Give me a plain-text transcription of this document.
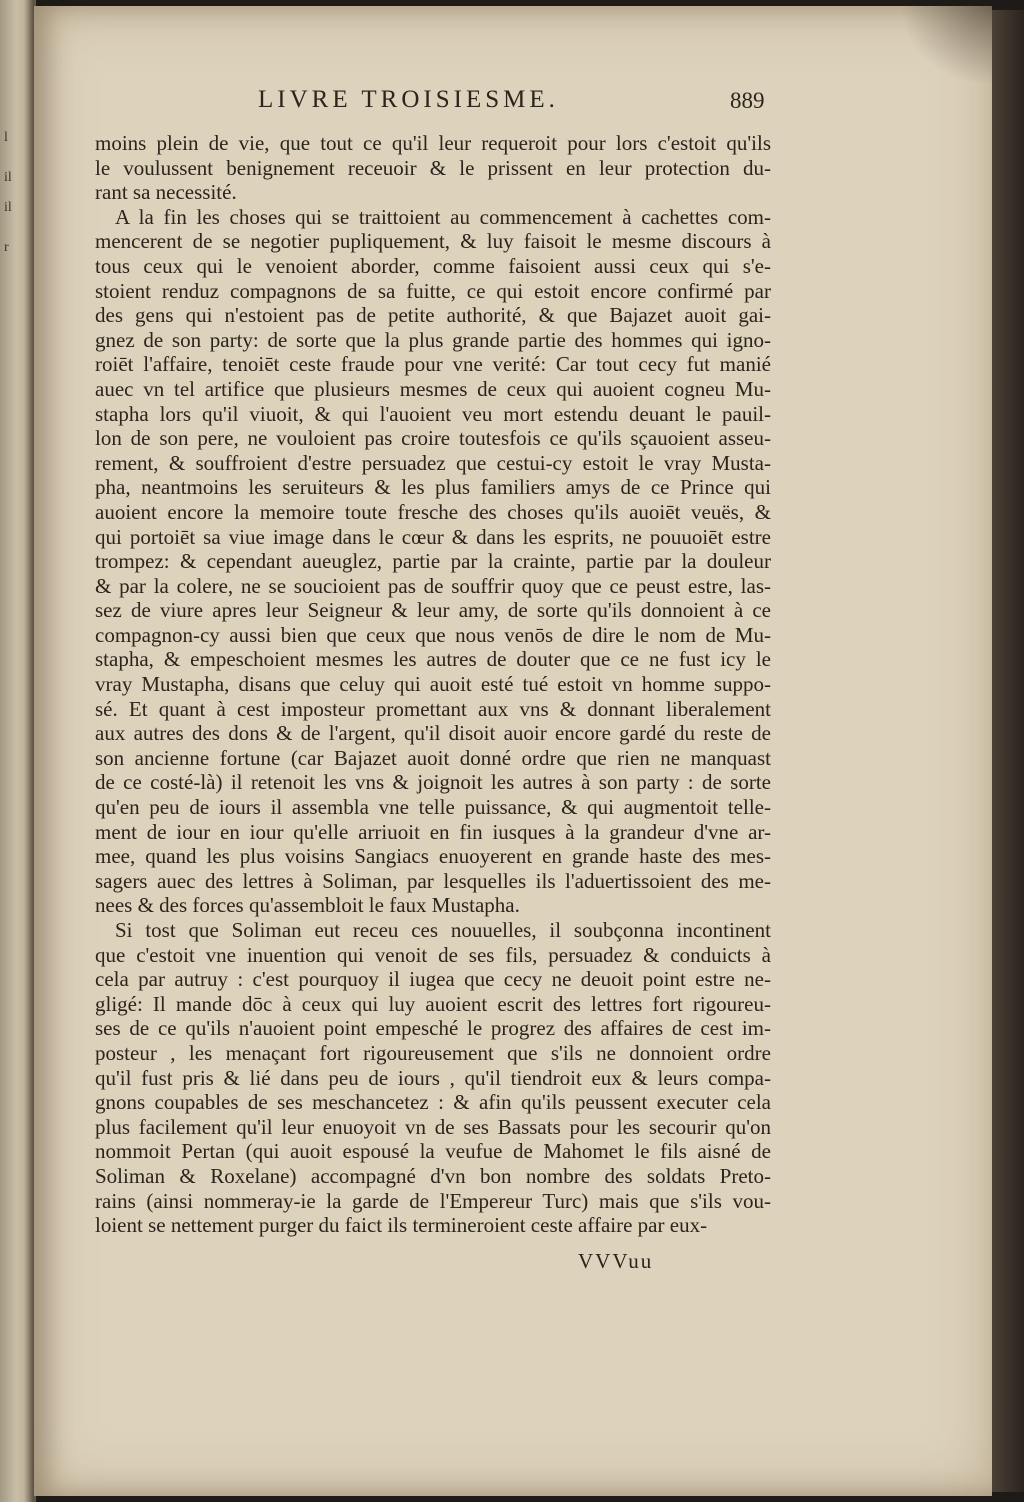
l
il
il
r
LIVRE TROISIESME.	889

moins plein de vie, que tout ce qu'il leur requeroit pour lors c'estoit qu'ils
le voulussent benignement receuoir & le prissent en leur protection du-
rant sa necessité.

A la fin les choses qui se traittoient au commencement à cachettes com-
mencerent de se negotier pupliquement, & luy faisoit le mesme discours à
tous ceux qui le venoient aborder, comme faisoient aussi ceux qui s'e-
stoient renduz compagnons de sa fuitte, ce qui estoit encore confirmé par
des gens qui n'estoient pas de petite authorité, & que Bajazet auoit gai-
gnez de son party: de sorte que la plus grande partie des hommes qui igno-
roiēt l'affaire, tenoiēt ceste fraude pour vne verité: Car tout cecy fut manié
auec vn tel artifice que plusieurs mesmes de ceux qui auoient cogneu Mu-
stapha lors qu'il viuoit, & qui l'auoient veu mort estendu deuant le pauil-
lon de son pere, ne vouloient pas croire toutesfois ce qu'ils sçauoient asseu-
rement, & souffroient d'estre persuadez que cestui-cy estoit le vray Musta-
pha, neantmoins les seruiteurs & les plus familiers amys de ce Prince qui
auoient encore la memoire toute fresche des choses qu'ils auoiēt veuës, &
qui portoiēt sa viue image dans le cœur & dans les esprits, ne pouuoiēt estre
trompez: & cependant aueuglez, partie par la crainte, partie par la douleur
& par la colere, ne se soucioient pas de souffrir quoy que ce peust estre, las-
sez de viure apres leur Seigneur & leur amy, de sorte qu'ils donnoient à ce
compagnon-cy aussi bien que ceux que nous venōs de dire le nom de Mu-
stapha, & empeschoient mesmes les autres de douter que ce ne fust icy le
vray Mustapha, disans que celuy qui auoit esté tué estoit vn homme suppo-
sé. Et quant à cest imposteur promettant aux vns & donnant liberalement
aux autres des dons & de l'argent, qu'il disoit auoir encore gardé du reste de
son ancienne fortune (car Bajazet auoit donné ordre que rien ne manquast
de ce costé-là) il retenoit les vns & joignoit les autres à son party : de sorte
qu'en peu de iours il assembla vne telle puissance, & qui augmentoit telle-
ment de iour en iour qu'elle arriuoit en fin iusques à la grandeur d'vne ar-
mee, quand les plus voisins Sangiacs enuoyerent en grande haste des mes-
sagers auec des lettres à Soliman, par lesquelles ils l'aduertissoient des me-
nees & des forces qu'assembloit le faux Mustapha.

Si tost que Soliman eut receu ces nouuelles, il soubçonna incontinent
que c'estoit vne inuention qui venoit de ses fils, persuadez & conduicts à
cela par autruy : c'est pourquoy il iugea que cecy ne deuoit point estre ne-
gligé: Il mande dōc à ceux qui luy auoient escrit des lettres fort rigoureu-
ses de ce qu'ils n'auoient point empesché le progrez des affaires de cest im-
posteur , les menaçant fort rigoureusement que s'ils ne donnoient ordre
qu'il fust pris & lié dans peu de iours , qu'il tiendroit eux & leurs compa-
gnons coupables de ses meschancetez : & afin qu'ils peussent executer cela
plus facilement qu'il leur enuoyoit vn de ses Bassats pour les secourir qu'on
nommoit Pertan (qui auoit espousé la veufue de Mahomet le fils aisné de
Soliman & Roxelane) accompagné d'vn bon nombre des soldats Preto-
rains (ainsi nommeray-ie la garde de l'Empereur Turc) mais que s'ils vou-
loient se nettement purger du faict ils termineroient ceste affaire par eux-

VVVuu
